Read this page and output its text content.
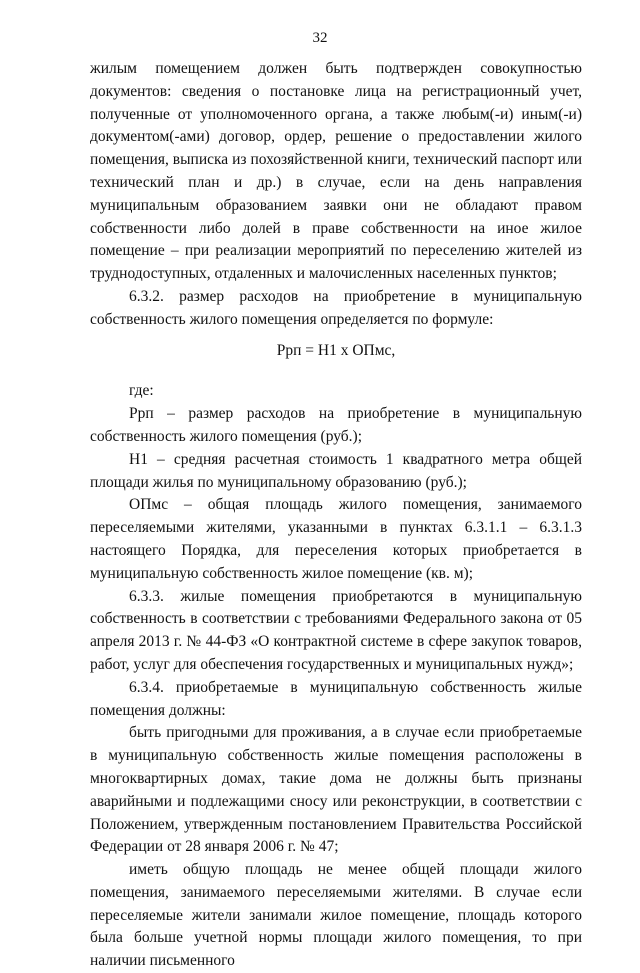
32

жилым помещением должен быть подтвержден совокупностью документов: сведения о постановке лица на регистрационный учет, полученные от уполномоченного органа, а также любым(-и) иным(-и) документом(-ами) договор, ордер, решение о предоставлении жилого помещения, выписка из похозяйственной книги, технический паспорт или технический план и др.) в случае, если на день направления муниципальным образованием заявки они не обладают правом собственности либо долей в праве собственности на иное жилое помещение – при реализации мероприятий по переселению жителей из труднодоступных, отдаленных и малочисленных населенных пунктов;

6.3.2. размер расходов на приобретение в муниципальную собственность жилого помещения определяется по формуле:

Рpп = Н1 х ОПмс,

где:

Рpп – размер расходов на приобретение в муниципальную собственность жилого помещения (руб.);

Н1 – средняя расчетная стоимость 1 квадратного метра общей площади жилья по муниципальному образованию (руб.);

ОПмс – общая площадь жилого помещения, занимаемого переселяемыми жителями, указанными в пунктах 6.3.1.1 – 6.3.1.3 настоящего Порядка, для переселения которых приобретается в муниципальную собственность жилое помещение (кв. м);

6.3.3. жилые помещения приобретаются в муниципальную собственность в соответствии с требованиями Федерального закона от 05 апреля 2013 г. № 44-ФЗ «О контрактной системе в сфере закупок товаров, работ, услуг для обеспечения государственных и муниципальных нужд»;

6.3.4. приобретаемые в муниципальную собственность жилые помещения должны:

быть пригодными для проживания, а в случае если приобретаемые в муниципальную собственность жилые помещения расположены в многоквартирных домах, такие дома не должны быть признаны аварийными и подлежащими сносу или реконструкции, в соответствии с Положением, утвержденным постановлением Правительства Российской Федерации от 28 января 2006 г. № 47;

иметь общую площадь не менее общей площади жилого помещения, занимаемого переселяемыми жителями. В случае если переселяемые жители занимали жилое помещение, площадь которого была больше учетной нормы площади жилого помещения, то при наличии письменного
